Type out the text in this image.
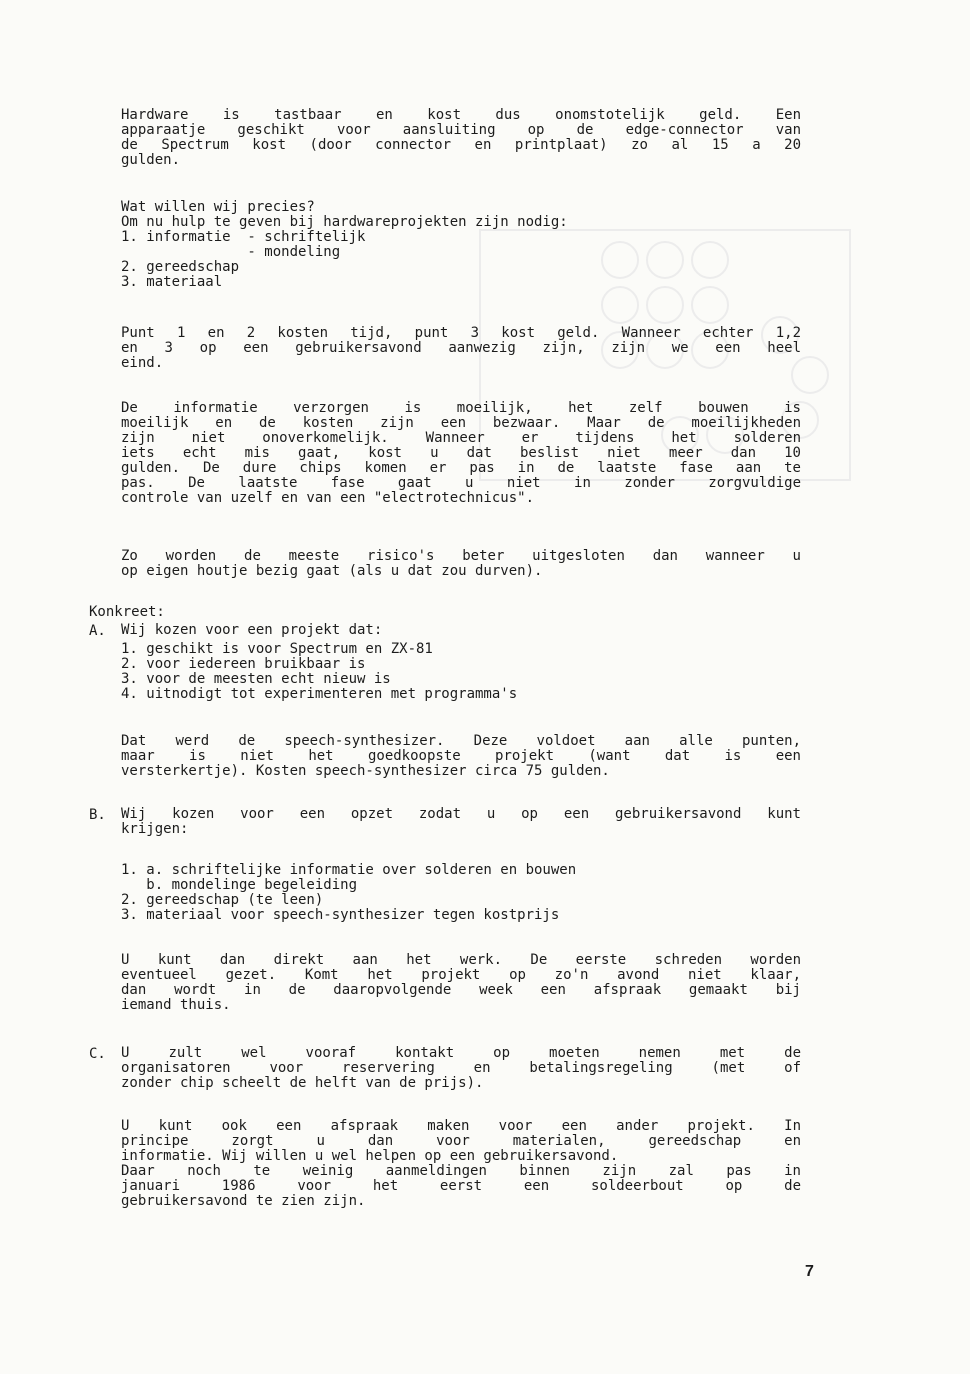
Hardware is tastbaar en kost dus onomstotelijk geld. Een
apparaatje geschikt voor aansluiting op de edge-connector van
de Spectrum kost (door connector en printplaat) zo al 15 a 20
gulden.
Wat willen wij precies?
Om nu hulp te geven bij hardwareprojekten zijn nodig:
1. informatie  - schriftelijk
- mondeling
2. gereedschap
3. materiaal
Punt 1 en 2 kosten tijd, punt 3 kost geld. Wanneer echter 1,2
en 3 op een gebruikersavond aanwezig zijn, zijn we een heel
eind.
De informatie verzorgen is moeilijk, het zelf bouwen is
moeilijk en de kosten zijn een bezwaar. Maar de moeilijkheden
zijn niet onoverkomelijk. Wanneer er tijdens het solderen
iets echt mis gaat, kost u dat beslist niet meer dan 10
gulden. De dure chips komen er pas in de laatste fase aan te
pas. De laatste fase gaat u niet in zonder zorgvuldige
controle van uzelf en van een "electrotechnicus".
Zo worden de meeste risico's beter uitgesloten dan wanneer u
op eigen houtje bezig gaat (als u dat zou durven).
Konkreet:
A. Wij kozen voor een projekt dat:
1. geschikt is voor Spectrum en ZX-81
2. voor iedereen bruikbaar is
3. voor de meesten echt nieuw is
4. uitnodigt tot experimenteren met programma's
Dat werd de speech-synthesizer. Deze voldoet aan alle punten,
maar is niet het goedkoopste projekt (want dat is een
versterkertje). Kosten speech-synthesizer circa 75 gulden.
B. Wij kozen voor een opzet zodat u op een gebruikersavond kunt
krijgen:
1. a. schriftelijke informatie over solderen en bouwen
b. mondelinge begeleiding
2. gereedschap (te leen)
3. materiaal voor speech-synthesizer tegen kostprijs
U kunt dan direkt aan het werk. De eerste schreden worden
eventueel gezet. Komt het projekt op zo'n avond niet klaar,
dan wordt in de daaropvolgende week een afspraak gemaakt bij
iemand thuis.
C. U zult wel vooraf kontakt op moeten nemen met de
organisatoren voor reservering en betalingsregeling (met of
zonder chip scheelt de helft van de prijs).
U kunt ook een afspraak maken voor een ander projekt. In
principe zorgt u dan voor materialen, gereedschap en
informatie. Wij willen u wel helpen op een gebruikersavond.
Daar noch te weinig aanmeldingen binnen zijn zal pas in
januari 1986 voor het eerst een soldeerbout op de
gebruikersavond te zien zijn.
7
